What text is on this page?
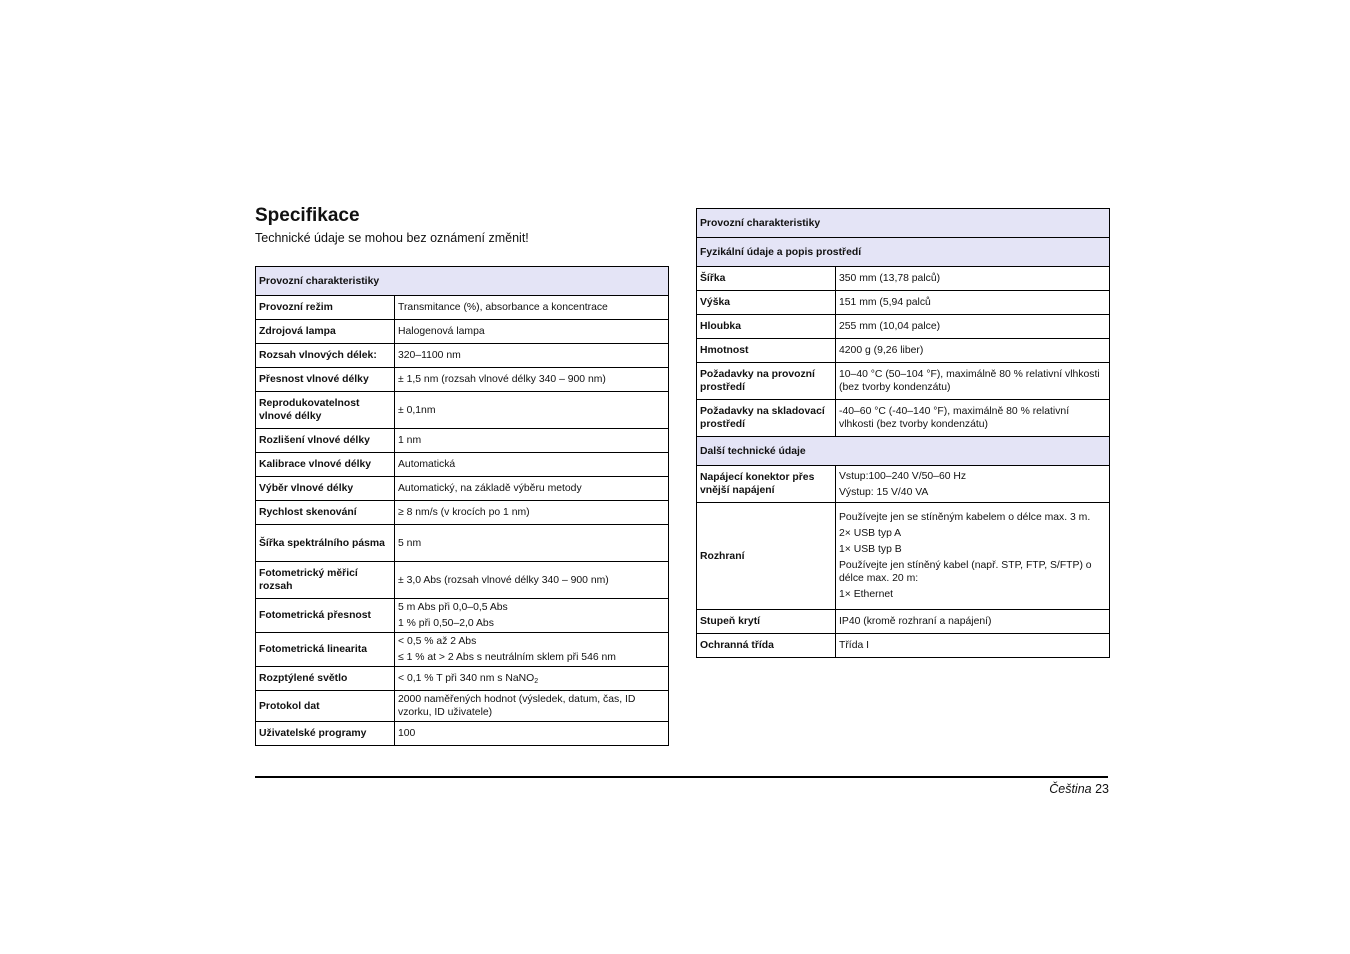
Specifikace

Technické údaje se mohou bez oznámení změnit!

Provozní charakteristiky	
Provozní režim	Transmitance (%), absorbance a koncentrace

Zdrojová lampa	Halogenová lampa

Rozsah vlnových délek:	320–1100 nm

Přesnost vlnové délky	± 1,5 nm (rozsah vlnové délky 340 – 900 nm)

Reprodukovatelnost vlnové délky	± 0,1nm

Rozlišení vlnové délky	1 nm

Kalibrace vlnové délky	Automatická

Výběr vlnové délky	Automatický, na základě výběru metody

Rychlost skenování	≥ 8 nm/s (v krocích po 1 nm)

Šířka spektrálního pásma	5 nm

Fotometrický měřicí rozsah	± 3,0 Abs (rozsah vlnové délky 340 – 900 nm)

Fotometrická přesnost	5 m Abs při 0,0–0,5 Abs
1 % při 0,50–2,0 Abs

Fotometrická linearita	< 0,5 % až 2 Abs
≤ 1 % at > 2 Abs s neutrálním sklem při 546 nm

Rozptýlené světlo	< 0,1 % T při 340 nm s NaNO$_2$

Protokol dat	2000 naměřených hodnot (výsledek, datum, čas, ID vzorku, ID uživatele)

Uživatelské programy	100
Provozní charakteristiky	
Fyzikální údaje a popis prostředí	
Šířka	350 mm (13,78 palců)

Výška	151 mm (5,94 palců

Hloubka	255 mm (10,04 palce)

Hmotnost	4200 g (9,26 liber)

Požadavky na provozní prostředí	10–40 °C (50–104 °F), maximálně 80 % relativní vlhkosti (bez tvorby kondenzátu)

Požadavky na skladovací prostředí	-40–60 °C (-40–140 °F), maximálně 80 % relativní vlhkosti (bez tvorby kondenzátu)

Další technické údaje	
Napájecí konektor přes vnější napájení	Vstup:100–240 V/50–60 Hz
Výstup: 15 V/40 VA

Rozhraní	Používejte jen se stíněným kabelem o délce max. 3 m.
2× USB typ A
1× USB typ B
Používejte jen stíněný kabel (např. STP, FTP, S/FTP) o délce max. 20 m:
1× Ethernet

Stupeň krytí	IP40 (kromě rozhraní a napájení)

Ochranná třída	Třída I
Čeština 23
